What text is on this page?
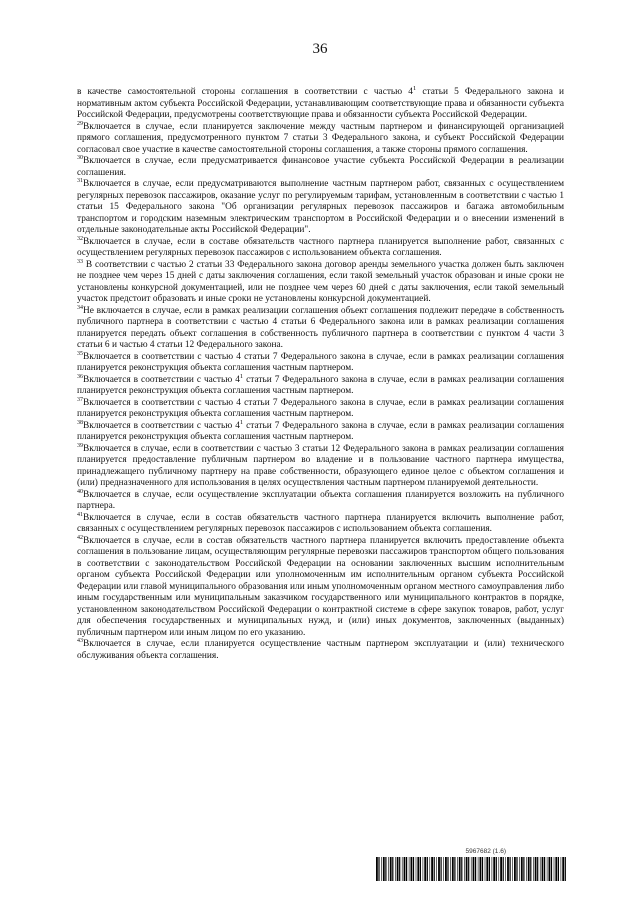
36

в качестве самостоятельной стороны соглашения в соответствии с частью $4^1$ статьи 5 Федерального закона и нормативным актом субъекта Российской Федерации, устанавливающим соответствующие права и обязанности субъекта Российской Федерации, предусмотрены соответствующие права и обязанности субъекта Российской Федерации.

$^{29}$Включается в случае, если планируется заключение между частным партнером и финансирующей организацией прямого соглашения, предусмотренного пунктом 7 статьи 3 Федерального закона, и субъект Российской Федерации согласовал свое участие в качестве самостоятельной стороны соглашения, а также стороны прямого соглашения.

$^{30}$Включается в случае, если предусматривается финансовое участие субъекта Российской Федерации в реализации соглашения.

$^{31}$Включается в случае, если предусматриваются выполнение частным партнером работ, связанных с осуществлением регулярных перевозок пассажиров, оказание услуг по регулируемым тарифам, установленным в соответствии с частью 1 статьи 15 Федерального закона "Об организации регулярных перевозок пассажиров и багажа автомобильным транспортом и городским наземным электрическим транспортом в Российской Федерации и о внесении изменений в отдельные законодательные акты Российской Федерации".

$^{32}$Включается в случае, если в составе обязательств частного партнера планируется выполнение работ, связанных с осуществлением регулярных перевозок пассажиров с использованием объекта соглашения.

$^{33}$ В соответствии с частью 2 статьи 33 Федерального закона договор аренды земельного участка должен быть заключен не позднее чем через 15 дней с даты заключения соглашения, если такой земельный участок образован и иные сроки не установлены конкурсной документацией, или не позднее чем через 60 дней с даты заключения, если такой земельный участок предстоит образовать и иные сроки не установлены конкурсной документацией.

$^{34}$Не включается в случае, если в рамках реализации соглашения объект соглашения подлежит передаче в собственность публичного партнера в соответствии с частью 4 статьи 6 Федерального закона или в рамках реализации соглашения планируется передать объект соглашения в собственность публичного партнера в соответствии с пунктом 4 части 3 статьи 6 и частью 4 статьи 12 Федерального закона.

$^{35}$Включается в соответствии с частью 4 статьи 7 Федерального закона в случае, если в рамках реализации соглашения планируется реконструкция объекта соглашения частным партнером.

$^{36}$Включается в соответствии с частью $4^1$ статьи 7 Федерального закона в случае, если в рамках реализации соглашения планируется реконструкция объекта соглашения частным партнером.

$^{37}$Включается в соответствии с частью 4 статьи 7 Федерального закона в случае, если в рамках реализации соглашения планируется реконструкция объекта соглашения частным партнером.

$^{38}$Включается в соответствии с частью $4^1$ статьи 7 Федерального закона в случае, если в рамках реализации соглашения планируется реконструкция объекта соглашения частным партнером.

$^{39}$Включается в случае, если в соответствии с частью 3 статьи 12 Федерального закона в рамках реализации соглашения планируется предоставление публичным партнером во владение и в пользование частного партнера имущества, принадлежащего публичному партнеру на праве собственности, образующего единое целое с объектом соглашения и (или) предназначенного для использования в целях осуществления частным партнером планируемой деятельности.

$^{40}$Включается в случае, если осуществление эксплуатации объекта соглашения планируется возложить на публичного партнера.

$^{41}$Включается в случае, если в состав обязательств частного партнера планируется включить выполнение работ, связанных с осуществлением регулярных перевозок пассажиров с использованием объекта соглашения.

$^{42}$Включается в случае, если в состав обязательств частного партнера планируется включить предоставление объекта соглашения в пользование лицам, осуществляющим регулярные перевозки пассажиров транспортом общего пользования в соответствии с законодательством Российской Федерации на основании заключенных высшим исполнительным органом субъекта Российской Федерации или уполномоченным им исполнительным органом субъекта Российской Федерации или главой муниципального образования или иным уполномоченным органом местного самоуправления либо иным государственным или муниципальным заказчиком государственного или муниципального контрактов в порядке, установленном законодательством Российской Федерации о контрактной системе в сфере закупок товаров, работ, услуг для обеспечения государственных и муниципальных нужд, и (или) иных документов, заключенных (выданных) публичным партнером или иным лицом по его указанию.

$^{43}$Включается в случае, если планируется осуществление частным партнером эксплуатации и (или) технического обслуживания объекта соглашения.

5967682 (1.6)
